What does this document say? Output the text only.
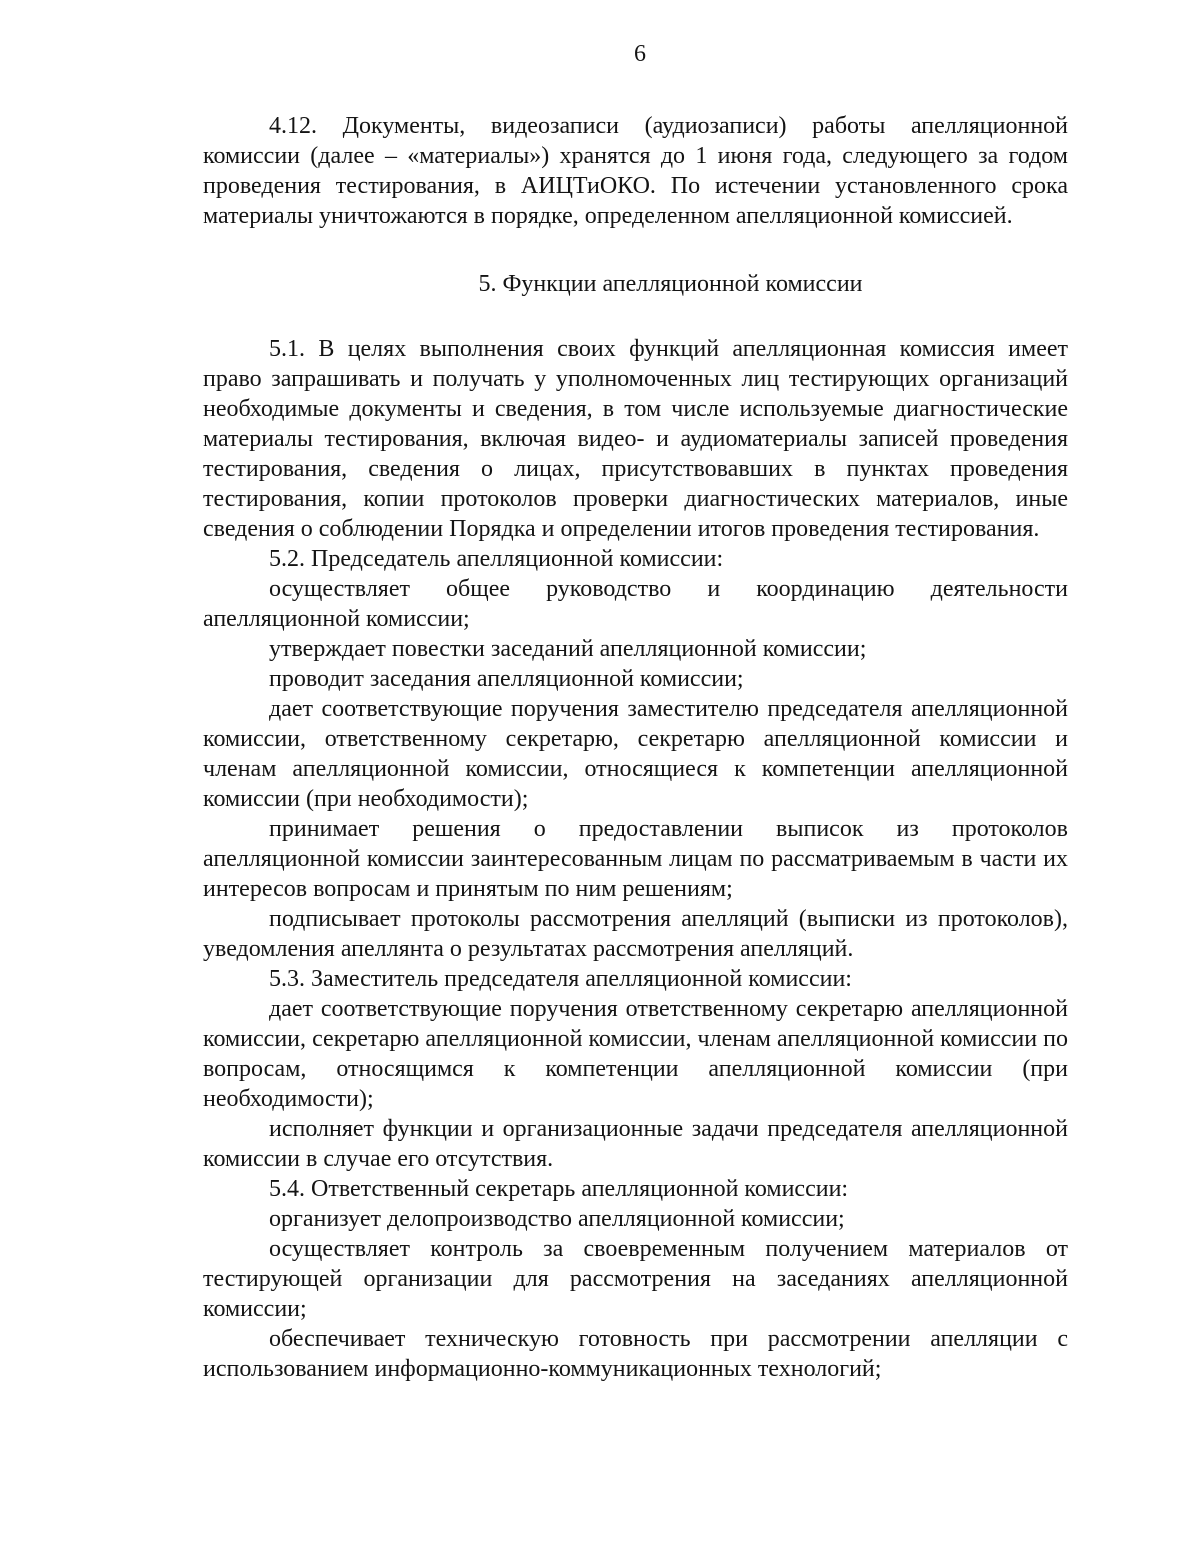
6

4.12. Документы, видеозаписи (аудиозаписи) работы апелляционной комиссии (далее – «материалы») хранятся до 1 июня года, следующего за годом проведения тестирования, в АИЦТиОКО. По истечении установленного срока материалы уничтожаются в порядке, определенном апелляционной комиссией.

5. Функции апелляционной комиссии

5.1. В целях выполнения своих функций апелляционная комиссия имеет право запрашивать и получать у уполномоченных лиц тестирующих организаций необходимые документы и сведения, в том числе используемые диагностические материалы тестирования, включая видео- и аудиоматериалы записей проведения тестирования, сведения о лицах, присутствовавших в пунктах проведения тестирования, копии протоколов проверки диагностических материалов, иные сведения о соблюдении Порядка и определении итогов проведения тестирования.

5.2. Председатель апелляционной комиссии:

осуществляет общее руководство и координацию деятельности апелляционной комиссии;

утверждает повестки заседаний апелляционной комиссии;

проводит заседания апелляционной комиссии;

дает соответствующие поручения заместителю председателя апелляционной комиссии, ответственному секретарю, секретарю апелляционной комиссии и членам апелляционной комиссии, относящиеся к компетенции апелляционной комиссии (при необходимости);

принимает решения о предоставлении выписок из протоколов апелляционной комиссии заинтересованным лицам по рассматриваемым в части их интересов вопросам и принятым по ним решениям;

подписывает протоколы рассмотрения апелляций (выписки из протоколов), уведомления апеллянта о результатах рассмотрения апелляций.

5.3. Заместитель председателя апелляционной комиссии:

дает соответствующие поручения ответственному секретарю апелляционной комиссии, секретарю апелляционной комиссии, членам апелляционной комиссии по вопросам, относящимся к компетенции апелляционной комиссии (при необходимости);

исполняет функции и организационные задачи председателя апелляционной комиссии в случае его отсутствия.

5.4. Ответственный секретарь апелляционной комиссии:

организует делопроизводство апелляционной комиссии;

осуществляет контроль за своевременным получением материалов от тестирующей организации для рассмотрения на заседаниях апелляционной комиссии;

обеспечивает техническую готовность при рассмотрении апелляции с использованием информационно-коммуникационных технологий;
